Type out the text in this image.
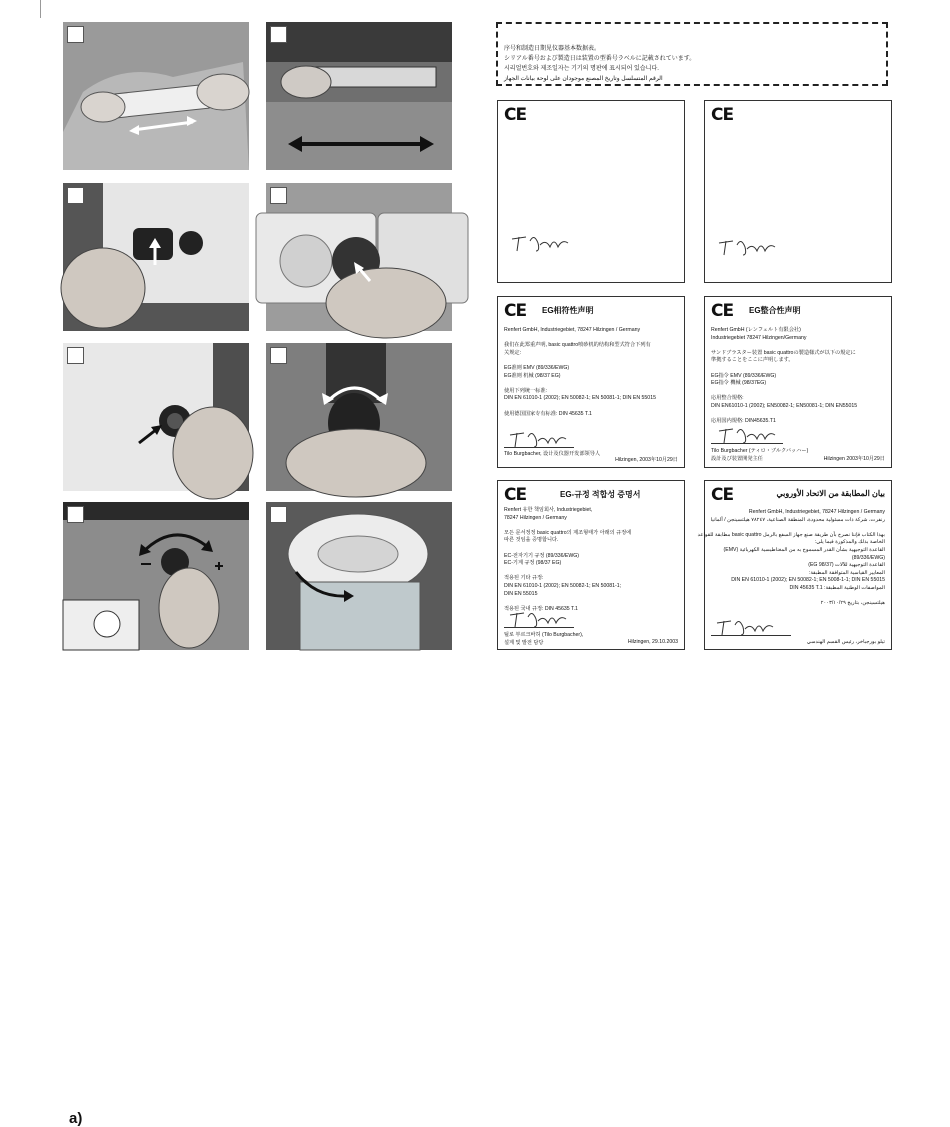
a)
序号和制造日期见仪器基本数据表。
シリアル番号および製造日は装置の型番号ラベルに記載されています。
시리얼번호와 제조일자는 기기의 명판에 표시되어 있습니다.
الرقم المتسلسل وتاريخ المصنع موجودان على لوحة بيانات الجهاز
CE	CE
CE EG相符性声明
Renfert GmbH, Industriegebiet, 78247 Hilzingen / Germany

我们在此郑重声明, basic quattro喷砂机的结构和型式符合下列有
关规定:

EG准则 EMV (89/336/EWG)
EG准则 机械 (98/37 EG)

使用下列统一标准:
DIN EN 61010-1 (2002); EN 50082-1; EN 50081-1; DIN EN 55015

使用德国国家专有标准: DIN 45635 T.1
Tilo Burgbacher, 设计及仪器开发部领导人
Hilzingen, 2003年10月29日
CE EG整合性声明
Renfert GmbH (レンフェルト有限会社)
Industriegebiet 78247 Hilzingen/Germany

サンドブラスター装置 basic quattroの製造様式が以下の規定に
準拠することをここに声明します。

EG指令 EMV (89/336/EWG)
EG指令 機械 (98/37EG)

応用整合規格:
DIN EN61010-1 (2002); EN50082-1; EN50081-1; DIN EN55015

応用国内規格: DIN45635.T1
Tilo Burgbacher (ティロ・ブルクバッハー)
設計及び装置開発主任	Hilzingen 2003年10月29日
CE	EG-규정 적합성 증명서
Renfert 유한 책임회사, Industriegebiet,
78247 Hilzingen / Germany

모든 문서정정 basic quattro의 제조형태가 아래의 규정에
따른 것임을 증명합니다.

EC-전자기기 규정 (89/336/EWG)
EC-기계 규정 (98/37 EG)

적용된 기타 규정:
DIN EN 61010-1 (2002); EN 50082-1; EN 50081-1;
DIN EN 55015

적용된 국내 규정: DIN 45635 T.1
틸로 부르크바허 (Tilo Burgbacher),
설계 및 발전 담당	Hilzingen, 29.10.2003
CE	بيان المطابقة من الاتحاد الأوروبي
Renfert GmbH, Industriegebiet, 78247 Hilzingen / Germany
رنفرت، شركة ذات مسئولية محدودة، المنطقة الصناعية، ٧٨٢٤٧ هيلتسينجن / ألمانيا

بهذا الكتاب فإننا نصرح بأن طريقة صنع جهاز السفع بالرمل basic quattro مطابقة للقواعد
الخاصة بذلك والمذكورة فيما يلي:
القاعدة التوجيهية بشأن القدر المسموح به من المغناطيسية الكهربائية (EMV)
(89/336/EWG)
القاعدة التوجيهية للآلات (98/37 EG)
المعايير القياسية المتوافقة المطبقة:
DIN EN 61010-1 (2002); EN 50082-1; EN 5008-1-1; DIN EN 55015
المواصفات الوطنية المطبقة: DIN 45635 T.1

هيلتسينجن، بتاريخ ٢٠٠٣/١٠/٢٩
تيلو بورجباخر، رئيس القسم الهندسي
